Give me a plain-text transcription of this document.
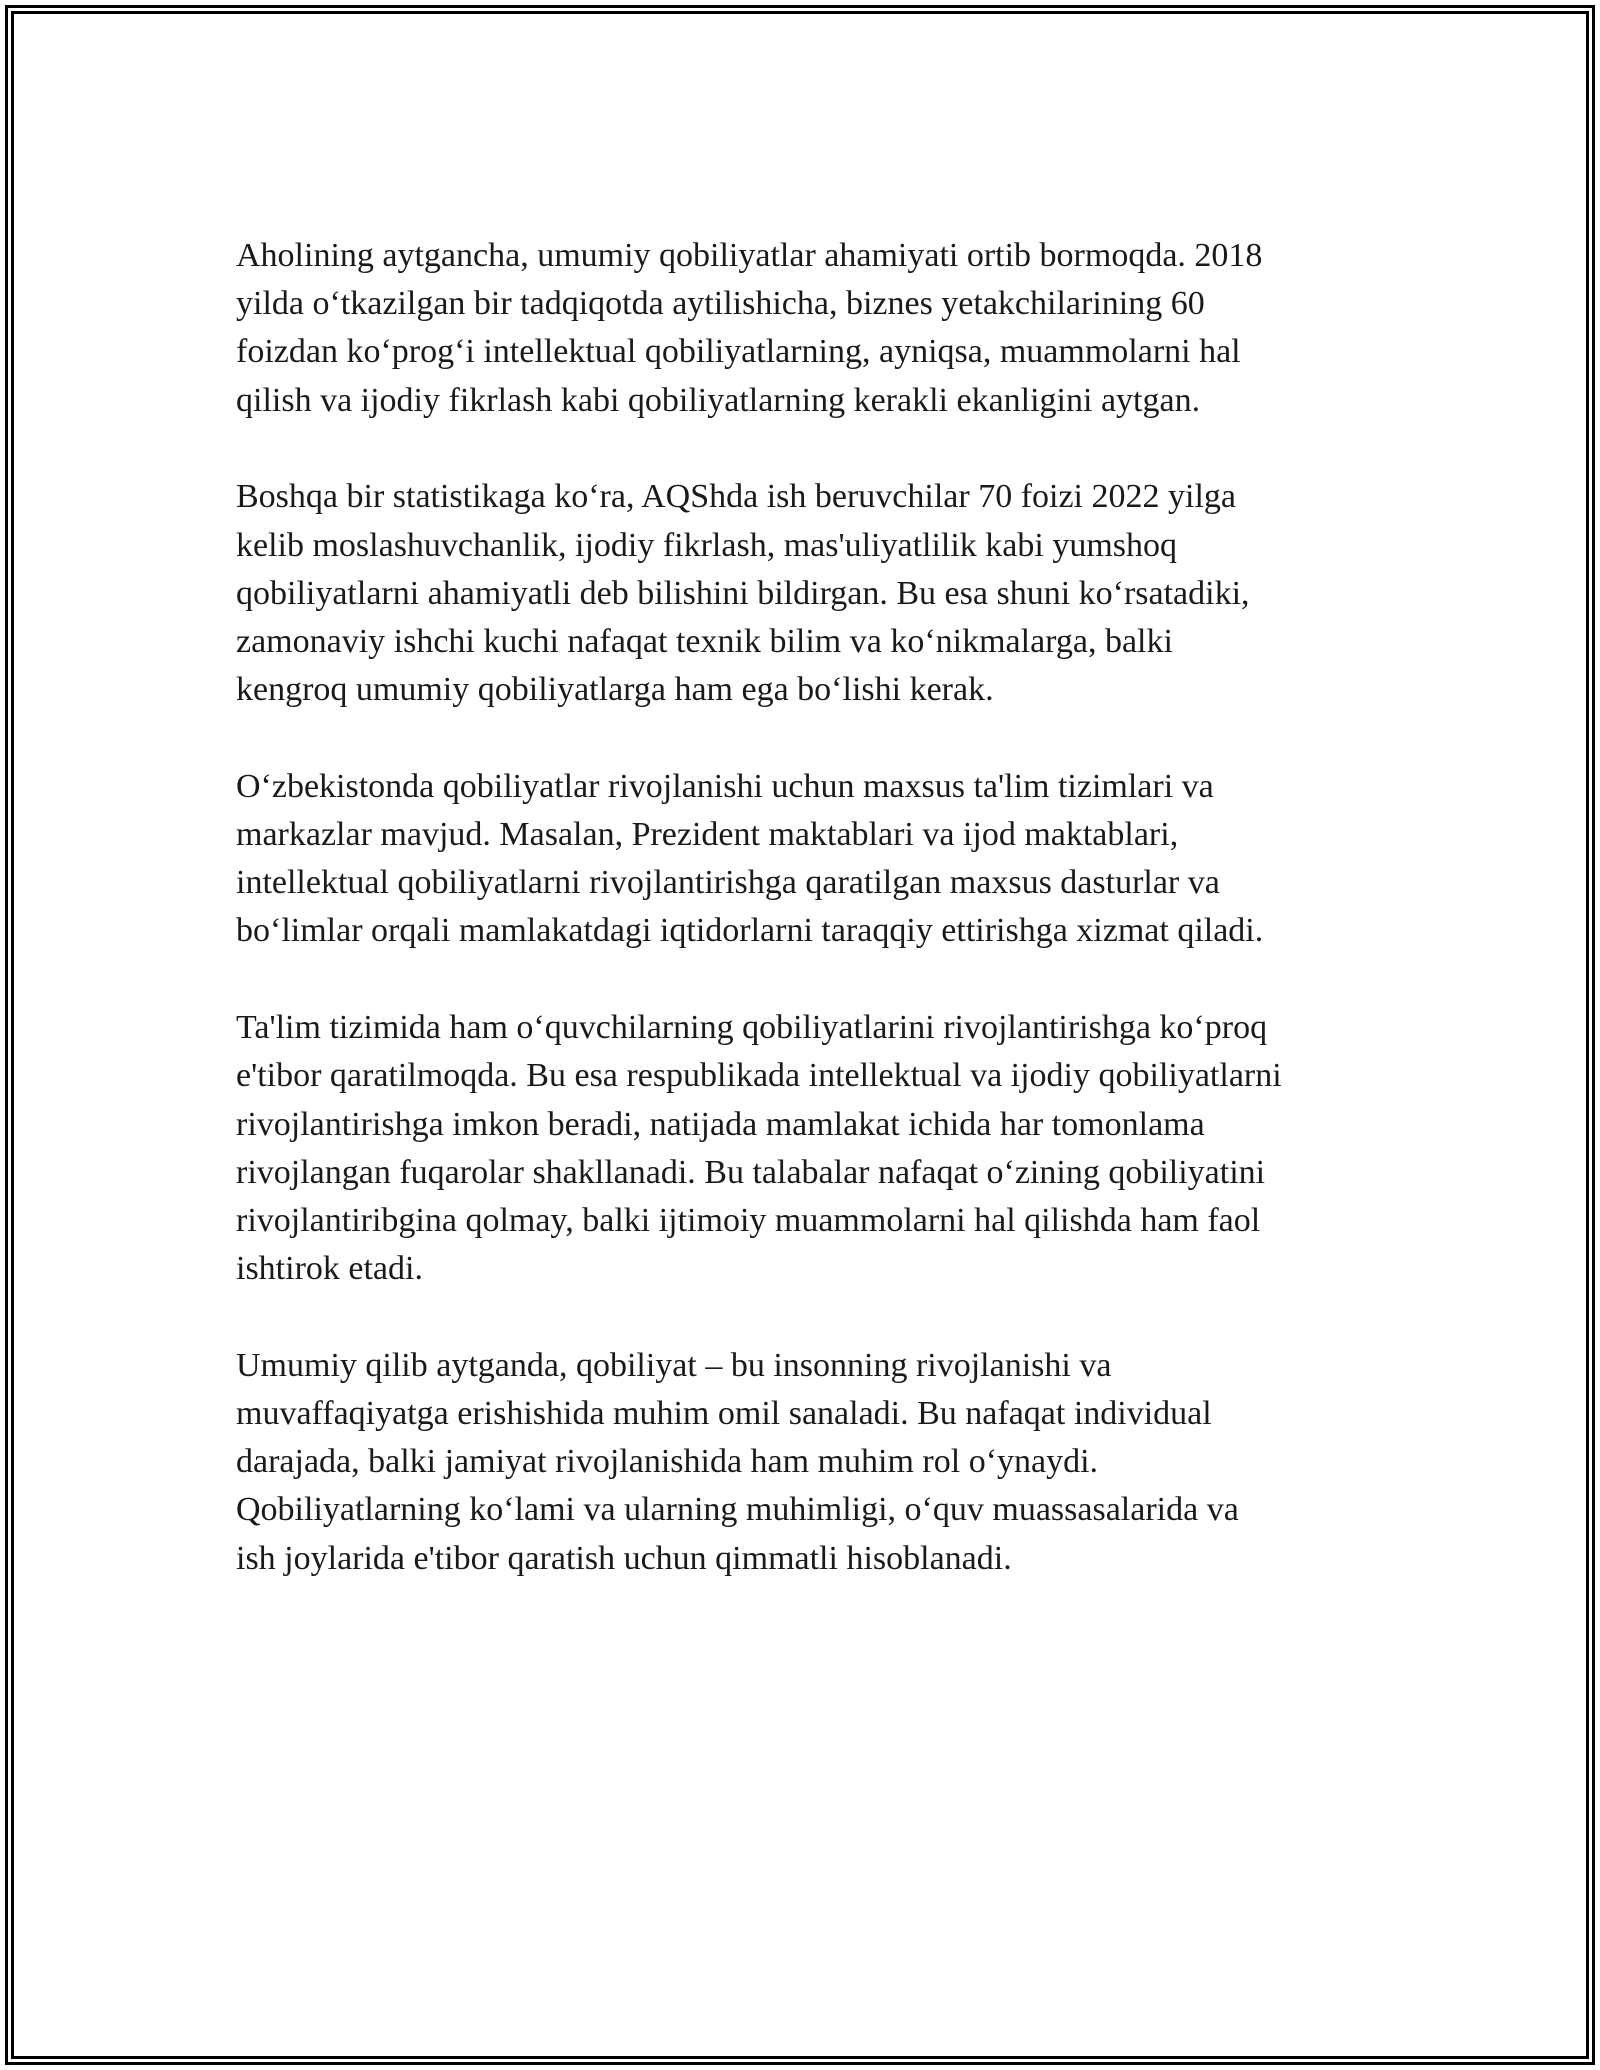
Aholining aytgancha, umumiy qobiliyatlar ahamiyati ortib bormoqda. 2018
yilda o‘tkazilgan bir tadqiqotda aytilishicha, biznes yetakchilarining 60
foizdan ko‘prog‘i intellektual qobiliyatlarning, ayniqsa, muammolarni hal
qilish va ijodiy fikrlash kabi qobiliyatlarning kerakli ekanligini aytgan.

Boshqa bir statistikaga ko‘ra, AQShda ish beruvchilar 70 foizi 2022 yilga
kelib moslashuvchanlik, ijodiy fikrlash, mas'uliyatlilik kabi yumshoq
qobiliyatlarni ahamiyatli deb bilishini bildirgan. Bu esa shuni ko‘rsatadiki,
zamonaviy ishchi kuchi nafaqat texnik bilim va ko‘nikmalarga, balki
kengroq umumiy qobiliyatlarga ham ega bo‘lishi kerak.

O‘zbekistonda qobiliyatlar rivojlanishi uchun maxsus ta'lim tizimlari va
markazlar mavjud. Masalan, Prezident maktablari va ijod maktablari,
intellektual qobiliyatlarni rivojlantirishga qaratilgan maxsus dasturlar va
bo‘limlar orqali mamlakatdagi iqtidorlarni taraqqiy ettirishga xizmat qiladi.

Ta'lim tizimida ham o‘quvchilarning qobiliyatlarini rivojlantirishga ko‘proq
e'tibor qaratilmoqda. Bu esa respublikada intellektual va ijodiy qobiliyatlarni
rivojlantirishga imkon beradi, natijada mamlakat ichida har tomonlama
rivojlangan fuqarolar shakllanadi. Bu talabalar nafaqat o‘zining qobiliyatini
rivojlantiribgina qolmay, balki ijtimoiy muammolarni hal qilishda ham faol
ishtirok etadi.

Umumiy qilib aytganda, qobiliyat – bu insonning rivojlanishi va
muvaffaqiyatga erishishida muhim omil sanaladi. Bu nafaqat individual
darajada, balki jamiyat rivojlanishida ham muhim rol o‘ynaydi.
Qobiliyatlarning ko‘lami va ularning muhimligi, o‘quv muassasalarida va
ish joylarida e'tibor qaratish uchun qimmatli hisoblanadi.
